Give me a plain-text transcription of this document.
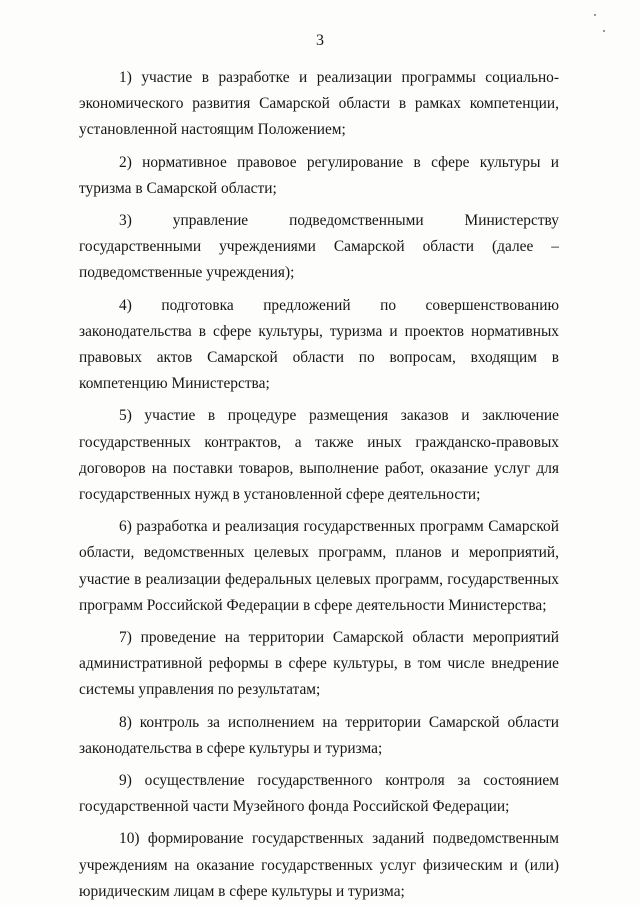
3

1) участие в разработке и реализации программы социально-экономического развития Самарской области в рамках компетенции, установленной настоящим Положением;

2) нормативное правовое регулирование в сфере культуры и туризма в Самарской области;

3) управление подведомственными Министерству государственными учреждениями Самарской области (далее – подведомственные учреждения);

4) подготовка предложений по совершенствованию законодательства в сфере культуры, туризма и проектов нормативных правовых актов Самарской области по вопросам, входящим в компетенцию Министерства;

5) участие в процедуре размещения заказов и заключение государственных контрактов, а также иных гражданско-правовых договоров на поставки товаров, выполнение работ, оказание услуг для государственных нужд в установленной сфере деятельности;

6) разработка и реализация государственных программ Самарской области, ведомственных целевых программ, планов и мероприятий, участие в реализации федеральных целевых программ, государственных программ Российской Федерации в сфере деятельности Министерства;

7) проведение на территории Самарской области мероприятий административной реформы в сфере культуры, в том числе внедрение системы управления по результатам;

8) контроль за исполнением на территории Самарской области законодательства в сфере культуры и туризма;

9) осуществление государственного контроля за состоянием государственной части Музейного фонда Российской Федерации;

10) формирование государственных заданий подведомственным учреждениям на оказание государственных услуг физическим и (или) юридическим лицам в сфере культуры и туризма;
